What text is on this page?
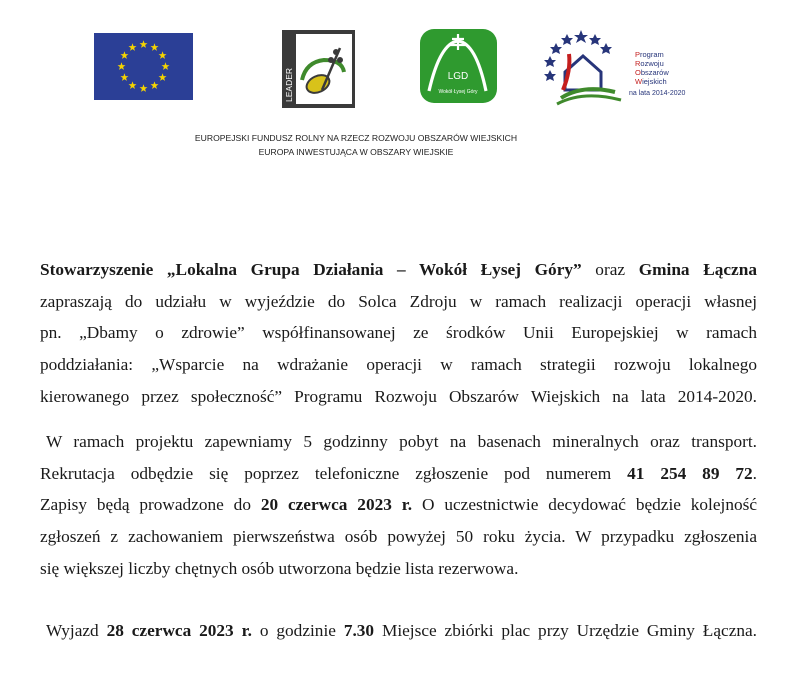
LEADER	LGD
Wokół Łysej Góry
Program
Rozwoju
Obszarów
Wiejskich
na lata 2014-2020
EUROPEJSKI FUNDUSZ ROLNY NA RZECZ ROZWOJU OBSZARÓW WIEJSKICH
EUROPA INWESTUJĄCA W OBSZARY WIEJSKIE
Stowarzyszenie „Lokalna Grupa Działania – Wokół Łysej Góry” oraz Gmina Łączna
zapraszają do udziału w wyjeździe do Solca Zdroju w ramach realizacji operacji własnej
pn. „Dbamy o zdrowie” współfinansowanej ze środków Unii Europejskiej w ramach
poddziałania: „Wsparcie na wdrażanie operacji w ramach strategii rozwoju lokalnego
kierowanego przez społeczność” Programu Rozwoju Obszarów Wiejskich na lata 2014-2020.
W ramach projektu zapewniamy 5 godzinny pobyt na basenach mineralnych oraz transport.
Rekrutacja odbędzie się poprzez telefoniczne zgłoszenie pod numerem 41 254 89 72.
Zapisy będą prowadzone do 20 czerwca 2023 r. O uczestnictwie decydować będzie kolejność
zgłoszeń z zachowaniem pierwszeństwa osób powyżej 50 roku życia. W przypadku zgłoszenia
się większej liczby chętnych osób utworzona będzie lista rezerwowa.
Wyjazd 28 czerwca 2023 r. o godzinie 7.30 Miejsce zbiórki plac przy Urzędzie Gminy Łączna.
